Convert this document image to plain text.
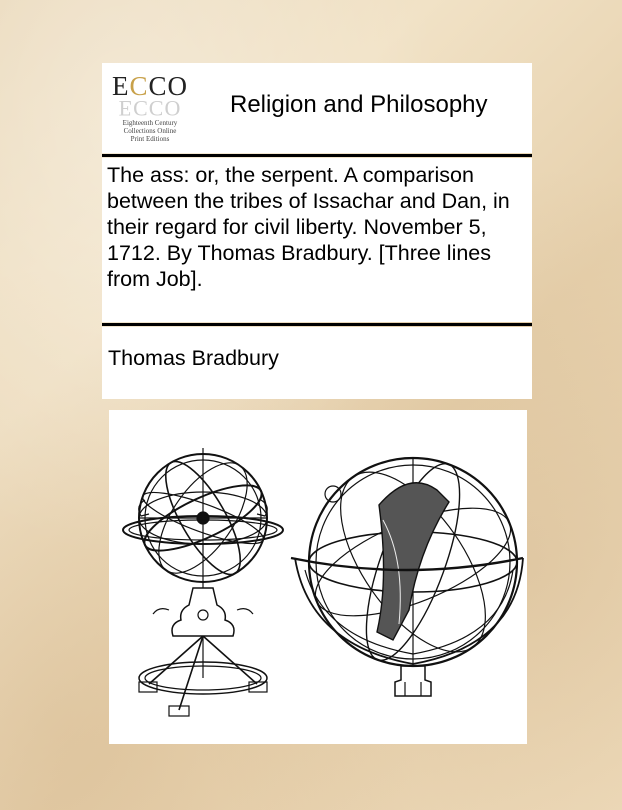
ECCO
ECCO
Eighteenth Century
Collections Online
Print Editions
Religion and Philosophy
The ass: or, the serpent. A comparison between the tribes of Issachar and Dan, in their regard for civil liberty. November 5, 1712. By Thomas Bradbury. [Three lines from Job].
Thomas Bradbury
